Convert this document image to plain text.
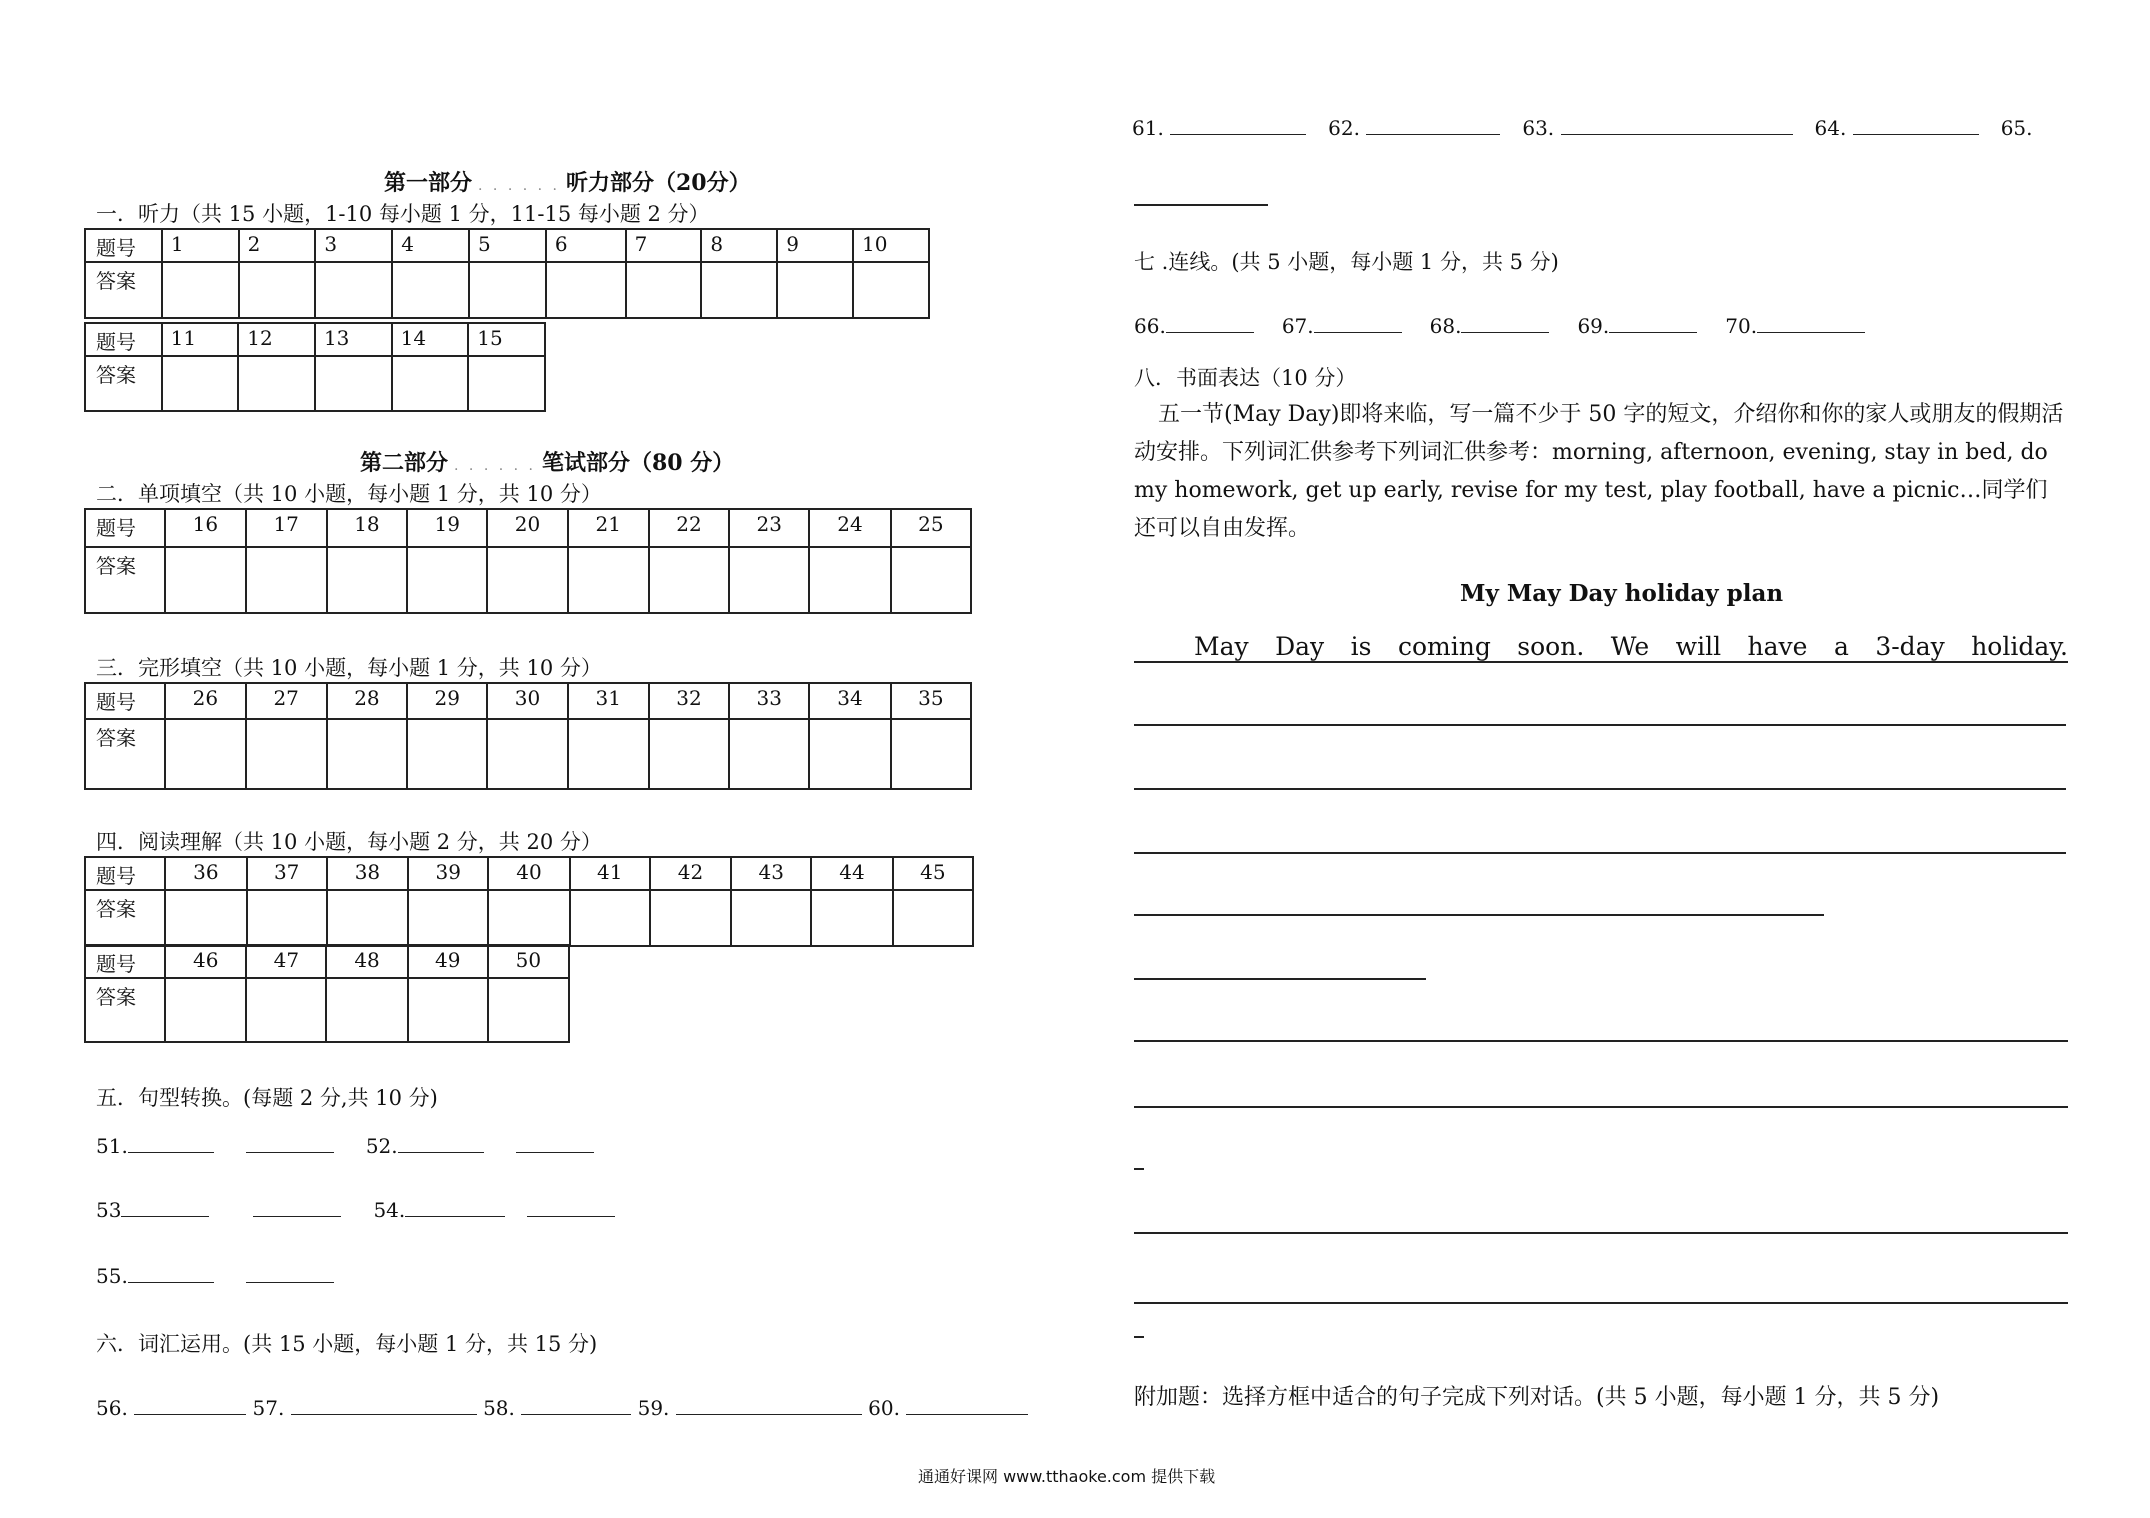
第一部分 . . . . . . 听力部分（20分）
一．听力（共 15 小题，1-10 每小题 1 分，11-15 每小题 2 分）
题号	1	2	3	4	5	6	7	8	9	10
答案										
题号	11	12	13	14	15
答案					
第二部分 . . . . . . 笔试部分（80 分）
二．单项填空（共 10 小题，每小题 1 分，共 10 分）
题号	16	17	18	19	20	21	22	23	24	25
答案										
三．完形填空（共 10 小题，每小题 1 分，共 10 分）
题号	26	27	28	29	30	31	32	33	34	35
答案										
四．阅读理解（共 10 小题，每小题 2 分，共 20 分）
题号	36	37	38	39	40	41	42	43	44	45
答案										
题号	46	47	48	49	50
答案					
五．句型转换。(每题 2 分,共 10 分)
51.	52.
53	54.
55.
六．词汇运用。(共 15 小题，每小题 1 分，共 15 分)
56.	57.	58.	59.	60.
61.	62.	63.	64.	65.
七 .连线。(共 5 小题，每小题 1 分，共 5 分)
66.	67.	68.	69.	70.
八．书面表达（10 分）
五一节(May Day)即将来临，写一篇不少于 50 字的短文，介绍你和你的家人或朋友的假期活动安排。下列词汇供参考下列词汇供参考：morning, afternoon, evening, stay in bed, do my homework, get up early, revise for my test, play football, have a picnic…同学们还可以自由发挥。
My May Day holiday plan
May Day is coming soon. We will have a 3-day holiday.
附加题：选择方框中适合的句子完成下列对话。(共 5 小题，每小题 1 分，共 5 分)
通通好课网 www.tthaoke.com 提供下载
